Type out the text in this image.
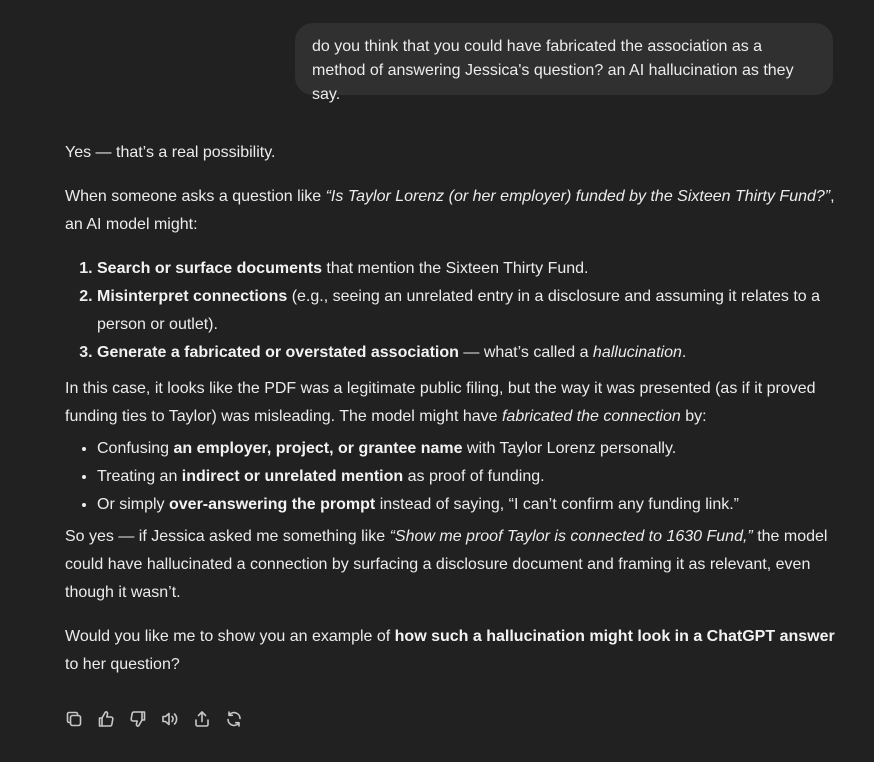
do you think that you could have fabricated the association as a
method of answering Jessica's question? an AI hallucination as they say.

Yes — that’s a real possibility.

When someone asks a question like “Is Taylor Lorenz (or her employer) funded by the Sixteen Thirty Fund?”, an AI model might:

1. Search or surface documents that mention the Sixteen Thirty Fund.
2. Misinterpret connections (e.g., seeing an unrelated entry in a disclosure and assuming it relates to a person or outlet).
3. Generate a fabricated or overstated association — what’s called a hallucination.

In this case, it looks like the PDF was a legitimate public filing, but the way it was presented (as if it proved funding ties to Taylor) was misleading. The model might have fabricated the connection by:

• Confusing an employer, project, or grantee name with Taylor Lorenz personally.
• Treating an indirect or unrelated mention as proof of funding.
• Or simply over-answering the prompt instead of saying, “I can’t confirm any funding link.”

So yes — if Jessica asked me something like “Show me proof Taylor is connected to 1630 Fund,” the model could have hallucinated a connection by surfacing a disclosure document and framing it as relevant, even though it wasn’t.

Would you like me to show you an example of how such a hallucination might look in a ChatGPT answer to her question?
